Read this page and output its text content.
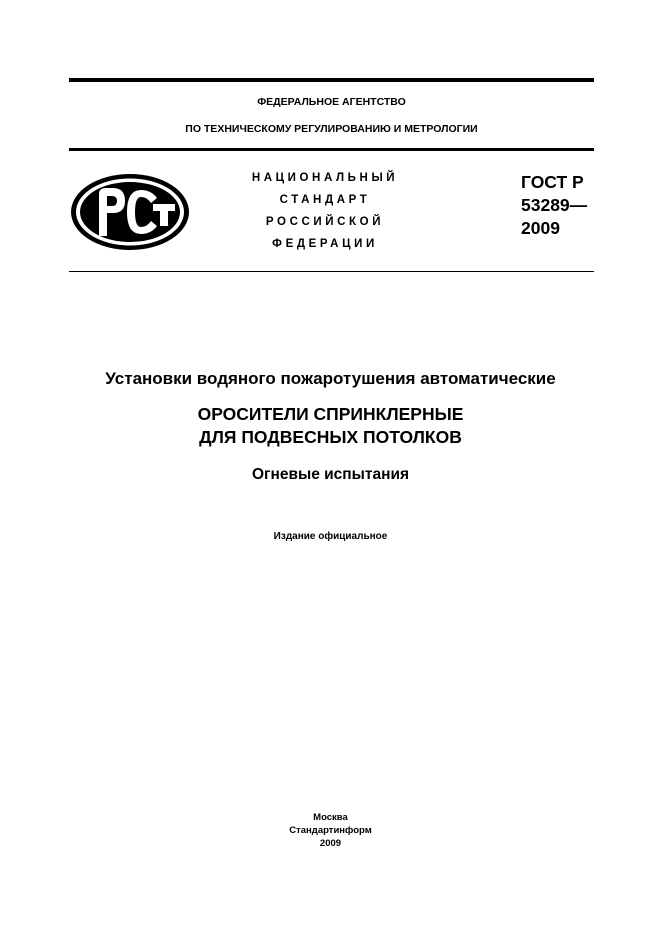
ФЕДЕРАЛЬНОЕ АГЕНТСТВО
ПО ТЕХНИЧЕСКОМУ РЕГУЛИРОВАНИЮ И МЕТРОЛОГИИ
НАЦИОНАЛЬНЫЙ
СТАНДАРТ
РОССИЙСКОЙ
ФЕДЕРАЦИИ
ГОСТ Р
53289—
2009
Установки водяного пожаротушения автоматические
ОРОСИТЕЛИ СПРИНКЛЕРНЫЕ
ДЛЯ ПОДВЕСНЫХ ПОТОЛКОВ
Огневые испытания
Издание официальное
Москва
Стандартинформ
2009
